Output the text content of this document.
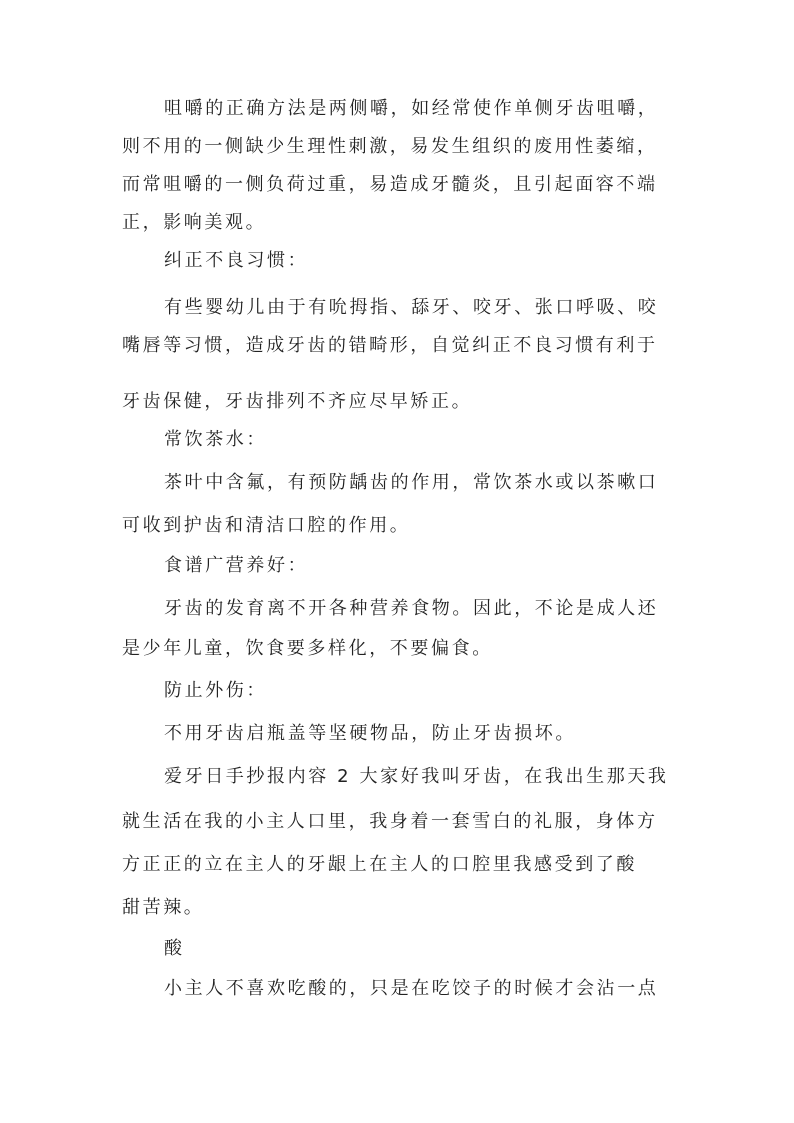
咀嚼的正确方法是两侧嚼，如经常使作单侧牙齿咀嚼，
则不用的一侧缺少生理性刺激，易发生组织的废用性萎缩，
而常咀嚼的一侧负荷过重，易造成牙髓炎，且引起面容不端
正，影响美观。
纠正不良习惯：
有些婴幼儿由于有吮拇指、舔牙、咬牙、张口呼吸、咬
嘴唇等习惯，造成牙齿的错畸形，自觉纠正不良习惯有利于
牙齿保健，牙齿排列不齐应尽早矫正。
常饮茶水：
茶叶中含氟，有预防龋齿的作用，常饮茶水或以茶嗽口
可收到护齿和清洁口腔的作用。
食谱广营养好：
牙齿的发育离不开各种营养食物。因此，不论是成人还
是少年儿童，饮食要多样化，不要偏食。
防止外伤：
不用牙齿启瓶盖等坚硬物品，防止牙齿损坏。
爱牙日手抄报内容 2 大家好我叫牙齿，在我出生那天我
就生活在我的小主人口里，我身着一套雪白的礼服，身体方
方正正的立在主人的牙龈上在主人的口腔里我感受到了酸
甜苦辣。
酸
小主人不喜欢吃酸的，只是在吃饺子的时候才会沾一点
